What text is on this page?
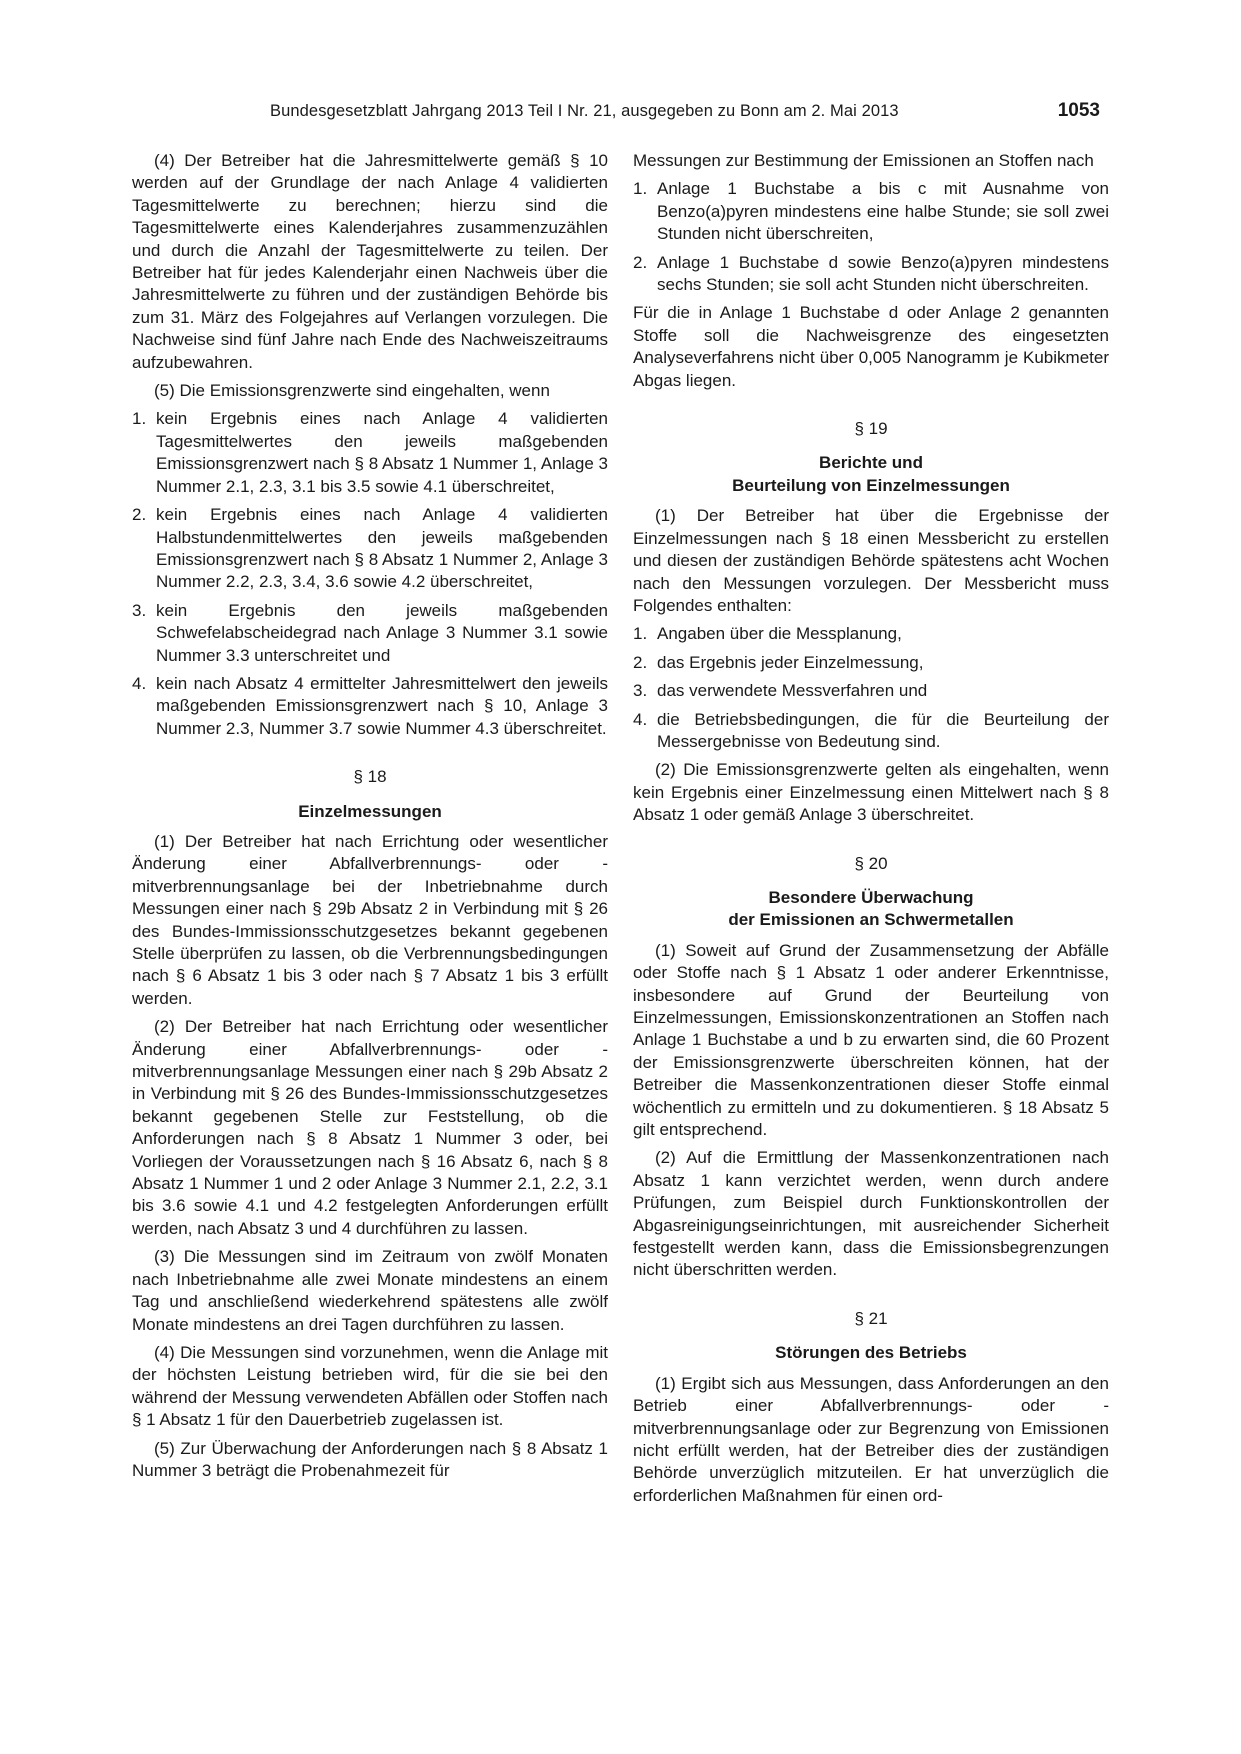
Bundesgesetzblatt Jahrgang 2013 Teil I Nr. 21, ausgegeben zu Bonn am 2. Mai 2013	1053

(4) Der Betreiber hat die Jahresmittelwerte gemäß § 10 werden auf der Grundlage der nach Anlage 4 validierten Tagesmittelwerte zu berechnen; hierzu sind die Tagesmittelwerte eines Kalenderjahres zusammenzuzählen und durch die Anzahl der Tagesmittelwerte zu teilen. Der Betreiber hat für jedes Kalenderjahr einen Nachweis über die Jahresmittelwerte zu führen und der zuständigen Behörde bis zum 31. März des Folgejahres auf Verlangen vorzulegen. Die Nachweise sind fünf Jahre nach Ende des Nachweiszeitraums aufzubewahren.

(5) Die Emissionsgrenzwerte sind eingehalten, wenn

1. kein Ergebnis eines nach Anlage 4 validierten Tagesmittelwertes den jeweils maßgebenden Emissionsgrenzwert nach § 8 Absatz 1 Nummer 1, Anlage 3 Nummer 2.1, 2.3, 3.1 bis 3.5 sowie 4.1 überschreitet,
2. kein Ergebnis eines nach Anlage 4 validierten Halbstundenmittelwertes den jeweils maßgebenden Emissionsgrenzwert nach § 8 Absatz 1 Nummer 2, Anlage 3 Nummer 2.2, 2.3, 3.4, 3.6 sowie 4.2 überschreitet,
3. kein Ergebnis den jeweils maßgebenden Schwefelabscheidegrad nach Anlage 3 Nummer 3.1 sowie Nummer 3.3 unterschreitet und
4. kein nach Absatz 4 ermittelter Jahresmittelwert den jeweils maßgebenden Emissionsgrenzwert nach § 10, Anlage 3 Nummer 2.3, Nummer 3.7 sowie Nummer 4.3 überschreitet.
§ 18
Einzelmessungen

(1) Der Betreiber hat nach Errichtung oder wesentlicher Änderung einer Abfallverbrennungs- oder -mitverbrennungsanlage bei der Inbetriebnahme durch Messungen einer nach § 29b Absatz 2 in Verbindung mit § 26 des Bundes-Immissionsschutzgesetzes bekannt gegebenen Stelle überprüfen zu lassen, ob die Verbrennungsbedingungen nach § 6 Absatz 1 bis 3 oder nach § 7 Absatz 1 bis 3 erfüllt werden.

(2) Der Betreiber hat nach Errichtung oder wesentlicher Änderung einer Abfallverbrennungs- oder -mitverbrennungsanlage Messungen einer nach § 29b Absatz 2 in Verbindung mit § 26 des Bundes-Immissionsschutzgesetzes bekannt gegebenen Stelle zur Feststellung, ob die Anforderungen nach § 8 Absatz 1 Nummer 3 oder, bei Vorliegen der Voraussetzungen nach § 16 Absatz 6, nach § 8 Absatz 1 Nummer 1 und 2 oder Anlage 3 Nummer 2.1, 2.2, 3.1 bis 3.6 sowie 4.1 und 4.2 festgelegten Anforderungen erfüllt werden, nach Absatz 3 und 4 durchführen zu lassen.

(3) Die Messungen sind im Zeitraum von zwölf Monaten nach Inbetriebnahme alle zwei Monate mindestens an einem Tag und anschließend wiederkehrend spätestens alle zwölf Monate mindestens an drei Tagen durchführen zu lassen.

(4) Die Messungen sind vorzunehmen, wenn die Anlage mit der höchsten Leistung betrieben wird, für die sie bei den während der Messung verwendeten Abfällen oder Stoffen nach § 1 Absatz 1 für den Dauerbetrieb zugelassen ist.

(5) Zur Überwachung der Anforderungen nach § 8 Absatz 1 Nummer 3 beträgt die Probenahmezeit für

Messungen zur Bestimmung der Emissionen an Stoffen nach

1. Anlage 1 Buchstabe a bis c mit Ausnahme von Benzo(a)pyren mindestens eine halbe Stunde; sie soll zwei Stunden nicht überschreiten,
2. Anlage 1 Buchstabe d sowie Benzo(a)pyren mindestens sechs Stunden; sie soll acht Stunden nicht überschreiten.

Für die in Anlage 1 Buchstabe d oder Anlage 2 genannten Stoffe soll die Nachweisgrenze des eingesetzten Analyseverfahrens nicht über 0,005 Nanogramm je Kubikmeter Abgas liegen.

§ 19
Berichte und
Beurteilung von Einzelmessungen

(1) Der Betreiber hat über die Ergebnisse der Einzelmessungen nach § 18 einen Messbericht zu erstellen und diesen der zuständigen Behörde spätestens acht Wochen nach den Messungen vorzulegen. Der Messbericht muss Folgendes enthalten:

1. Angaben über die Messplanung,
2. das Ergebnis jeder Einzelmessung,
3. das verwendete Messverfahren und
4. die Betriebsbedingungen, die für die Beurteilung der Messergebnisse von Bedeutung sind.

(2) Die Emissionsgrenzwerte gelten als eingehalten, wenn kein Ergebnis einer Einzelmessung einen Mittelwert nach § 8 Absatz 1 oder gemäß Anlage 3 überschreitet.

§ 20
Besondere Überwachung
der Emissionen an Schwermetallen

(1) Soweit auf Grund der Zusammensetzung der Abfälle oder Stoffe nach § 1 Absatz 1 oder anderer Erkenntnisse, insbesondere auf Grund der Beurteilung von Einzelmessungen, Emissionskonzentrationen an Stoffen nach Anlage 1 Buchstabe a und b zu erwarten sind, die 60 Prozent der Emissionsgrenzwerte überschreiten können, hat der Betreiber die Massenkonzentrationen dieser Stoffe einmal wöchentlich zu ermitteln und zu dokumentieren. § 18 Absatz 5 gilt entsprechend.

(2) Auf die Ermittlung der Massenkonzentrationen nach Absatz 1 kann verzichtet werden, wenn durch andere Prüfungen, zum Beispiel durch Funktionskontrollen der Abgasreinigungseinrichtungen, mit ausreichender Sicherheit festgestellt werden kann, dass die Emissionsbegrenzungen nicht überschritten werden.

§ 21
Störungen des Betriebs

(1) Ergibt sich aus Messungen, dass Anforderungen an den Betrieb einer Abfallverbrennungs- oder -mitverbrennungsanlage oder zur Begrenzung von Emissionen nicht erfüllt werden, hat der Betreiber dies der zuständigen Behörde unverzüglich mitzuteilen. Er hat unverzüglich die erforderlichen Maßnahmen für einen ord-
